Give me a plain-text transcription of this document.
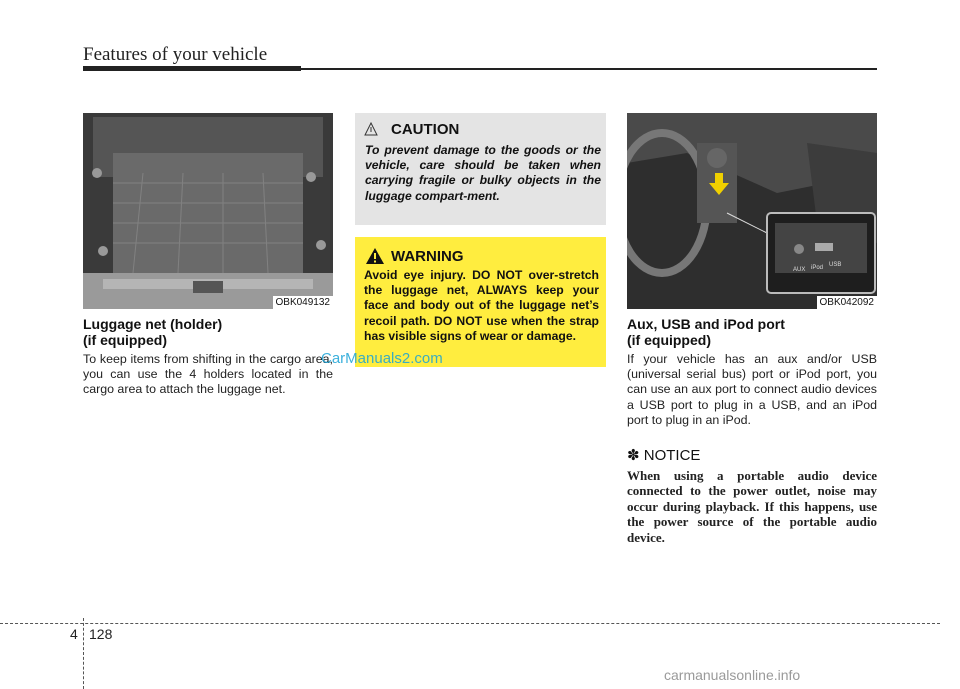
Features of your vehicle
OBK049132
Luggage net (holder)
(if equipped)
To keep items from shifting in the cargo area, you can use the 4 holders located in the cargo area to attach the luggage net.
CAUTION
To prevent damage to the goods or the vehicle, care should be taken when carrying fragile or bulky objects in the luggage compart-ment.
WARNING
Avoid eye injury. DO NOT over-stretch the luggage net, ALWAYS keep your face and body out of the luggage net’s recoil path. DO NOT use when the strap has visible signs of wear or damage.
CarManuals2.com
AUX iPod USB
OBK042092
Aux, USB and iPod port
(if equipped)
If your vehicle has an aux and/or USB (universal serial bus) port or iPod port, you can use an aux port to connect audio devices a USB port to plug in a USB, and an iPod port to plug in an iPod.
✽ NOTICE
When using a portable audio device connected to the power outlet, noise may occur during playback. If this happens, use the power source of the portable audio device.
4 128
carmanualsonline.info
